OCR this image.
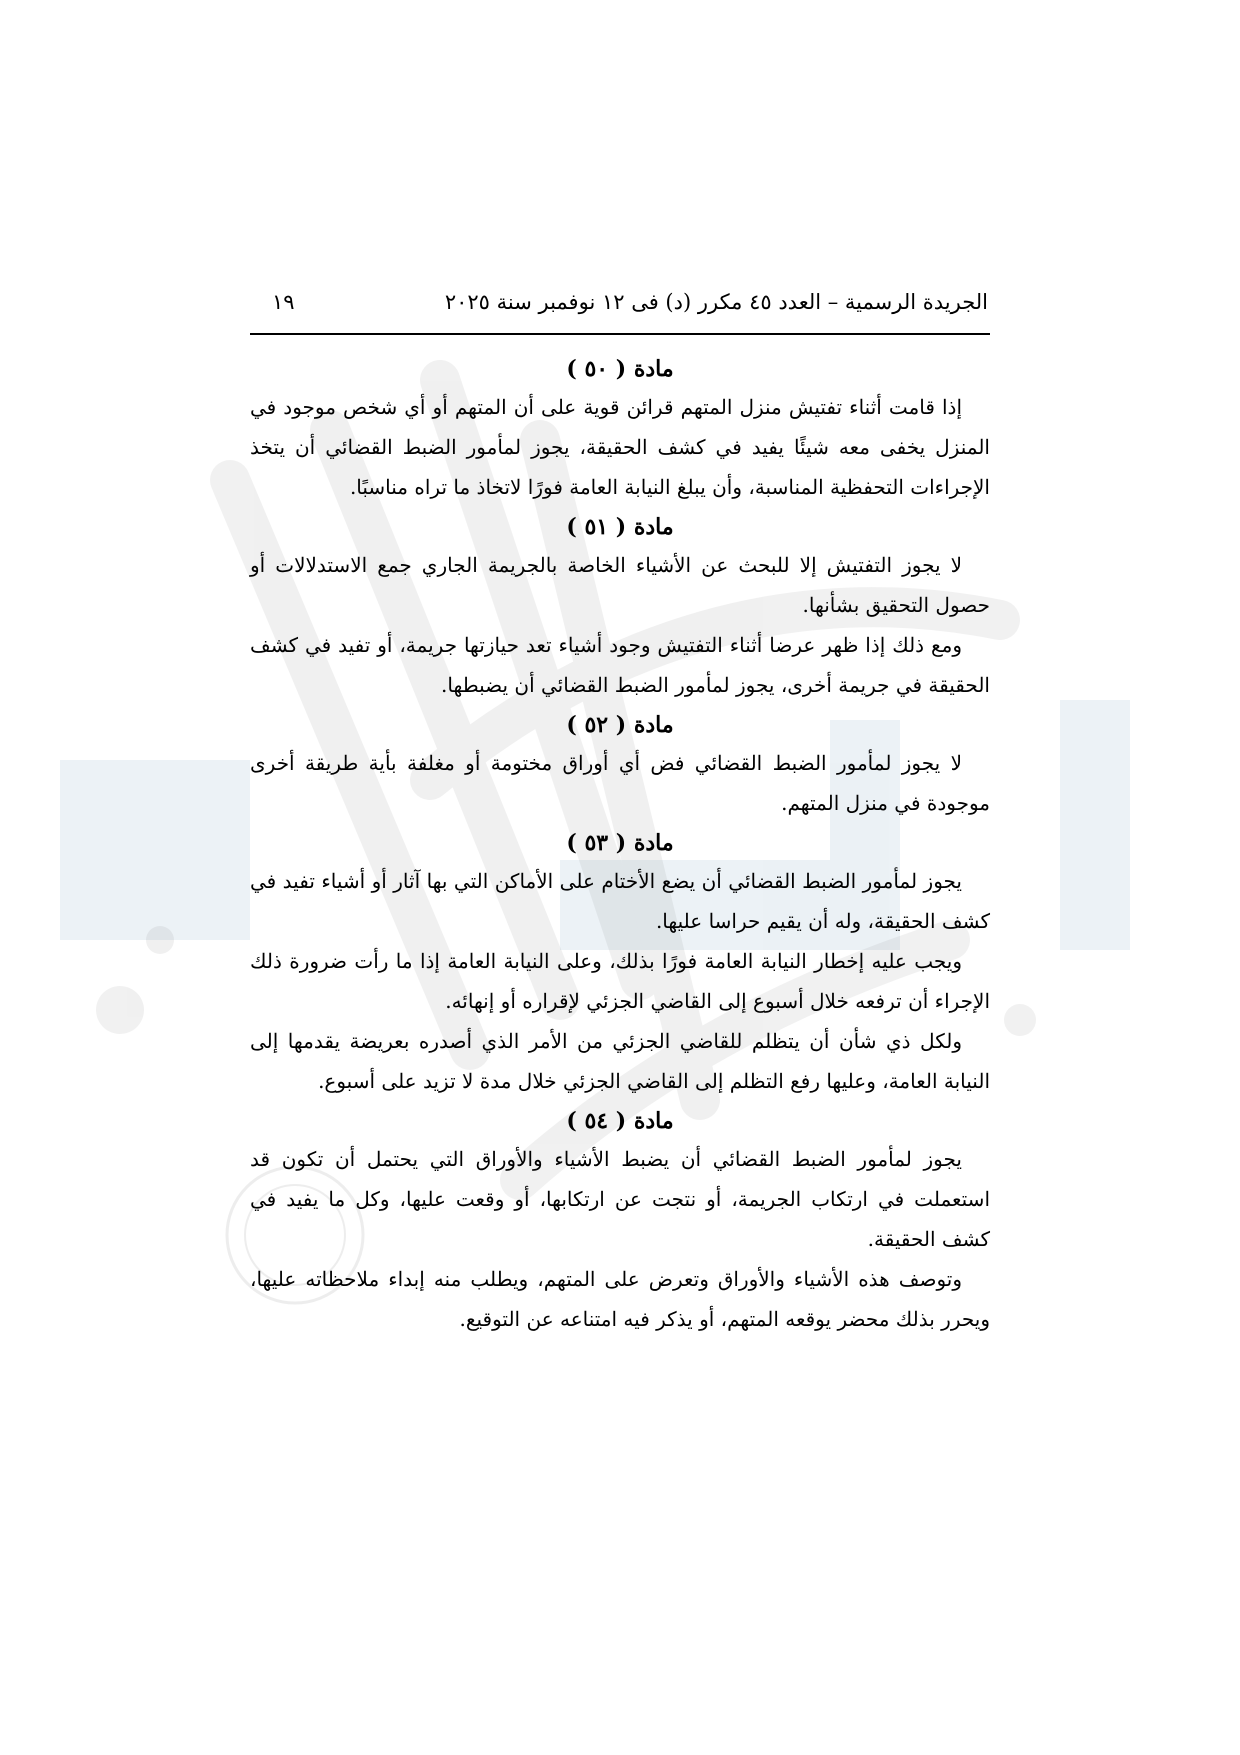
الجريدة الرسمية – العدد ٤٥ مكرر (د) فى ١٢ نوفمبر سنة ٢٠٢٥
١٩
مادة ( ٥٠ )

إذا قامت أثناء تفتيش منزل المتهم قرائن قوية على أن المتهم أو أي شخص موجود في المنزل يخفى معه شيئًا يفيد في كشف الحقيقة، يجوز لمأمور الضبط القضائي أن يتخذ الإجراءات التحفظية المناسبة، وأن يبلغ النيابة العامة فورًا لاتخاذ ما تراه مناسبًا.

مادة ( ٥١ )

لا يجوز التفتيش إلا للبحث عن الأشياء الخاصة بالجريمة الجاري جمع الاستدلالات أو حصول التحقيق بشأنها.

ومع ذلك إذا ظهر عرضا أثناء التفتيش وجود أشياء تعد حيازتها جريمة، أو تفيد في كشف الحقيقة في جريمة أخرى، يجوز لمأمور الضبط القضائي أن يضبطها.

مادة ( ٥٢ )

لا يجوز لمأمور الضبط القضائي فض أي أوراق مختومة أو مغلفة بأية طريقة أخرى موجودة في منزل المتهم.

مادة ( ٥٣ )

يجوز لمأمور الضبط القضائي أن يضع الأختام على الأماكن التي بها آثار أو أشياء تفيد في كشف الحقيقة، وله أن يقيم حراسا عليها.

ويجب عليه إخطار النيابة العامة فورًا بذلك، وعلى النيابة العامة إذا ما رأت ضرورة ذلك الإجراء أن ترفعه خلال أسبوع إلى القاضي الجزئي لإقراره أو إنهائه.

ولكل ذي شأن أن يتظلم للقاضي الجزئي من الأمر الذي أصدره بعريضة يقدمها إلى النيابة العامة، وعليها رفع التظلم إلى القاضي الجزئي خلال مدة لا تزيد على أسبوع.

مادة ( ٥٤ )

يجوز لمأمور الضبط القضائي أن يضبط الأشياء والأوراق التي يحتمل أن تكون قد استعملت في ارتكاب الجريمة، أو نتجت عن ارتكابها، أو وقعت عليها، وكل ما يفيد في كشف الحقيقة.

وتوصف هذه الأشياء والأوراق وتعرض على المتهم، ويطلب منه إبداء ملاحظاته عليها، ويحرر بذلك محضر يوقعه المتهم، أو يذكر فيه امتناعه عن التوقيع.
